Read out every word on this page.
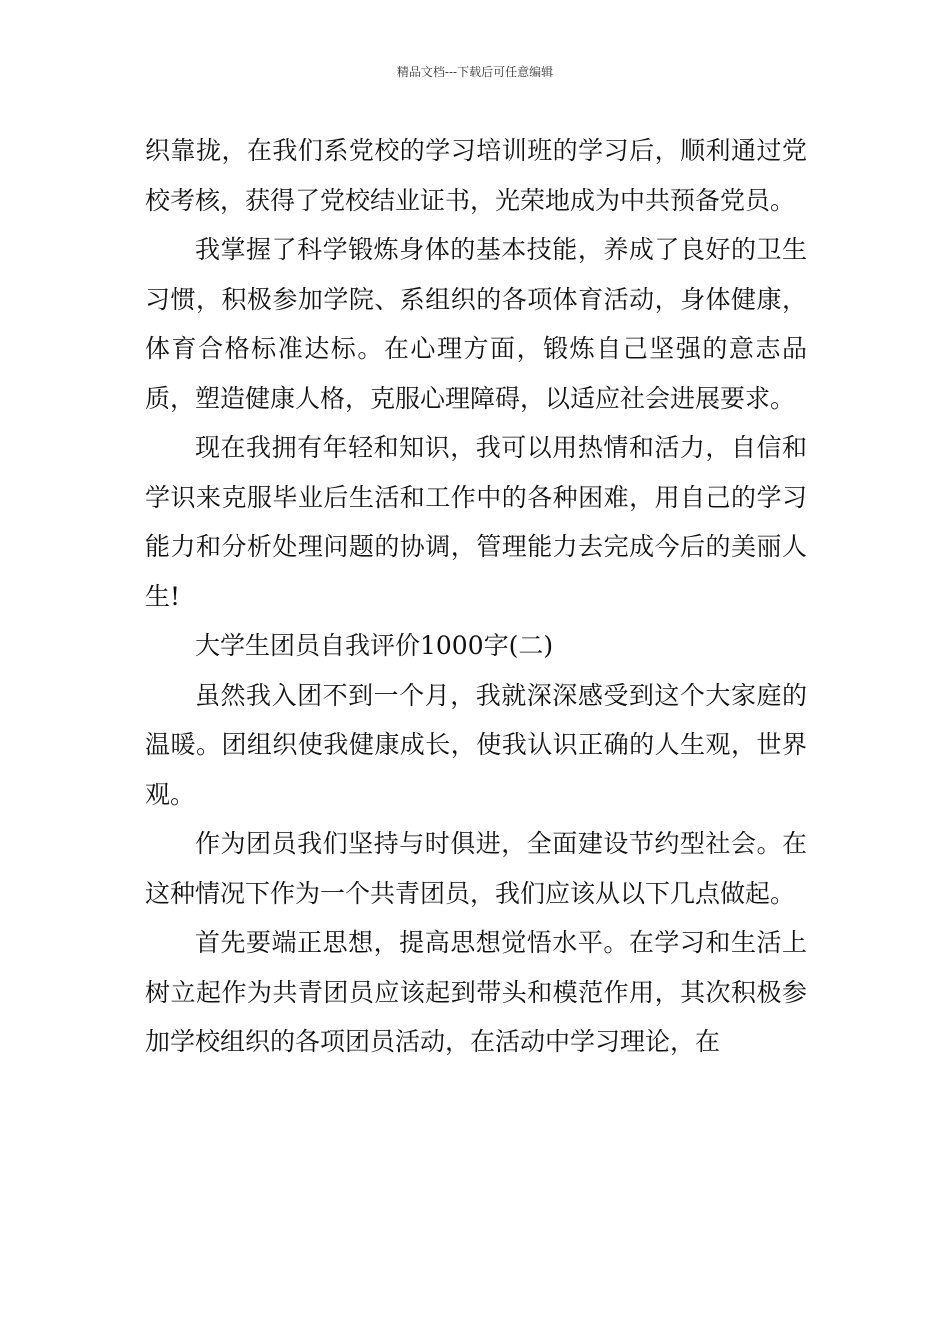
精品文档---下载后可任意编辑

织靠拢，在我们系党校的学习培训班的学习后，顺利通过党校考核，获得了党校结业证书，光荣地成为中共预备党员。

我掌握了科学锻炼身体的基本技能，养成了良好的卫生习惯，积极参加学院、系组织的各项体育活动，身体健康，体育合格标准达标。在心理方面，锻炼自己坚强的意志品质，塑造健康人格，克服心理障碍，以适应社会进展要求。

现在我拥有年轻和知识，我可以用热情和活力，自信和学识来克服毕业后生活和工作中的各种困难，用自己的学习能力和分析处理问题的协调，管理能力去完成今后的美丽人生!

大学生团员自我评价1000字(二)

虽然我入团不到一个月，我就深深感受到这个大家庭的温暖。团组织使我健康成长，使我认识正确的人生观，世界观。

作为团员我们坚持与时俱进，全面建设节约型社会。在这种情况下作为一个共青团员，我们应该从以下几点做起。

首先要端正思想，提高思想觉悟水平。在学习和生活上树立起作为共青团员应该起到带头和模范作用，其次积极参加学校组织的各项团员活动，在活动中学习理论，在
